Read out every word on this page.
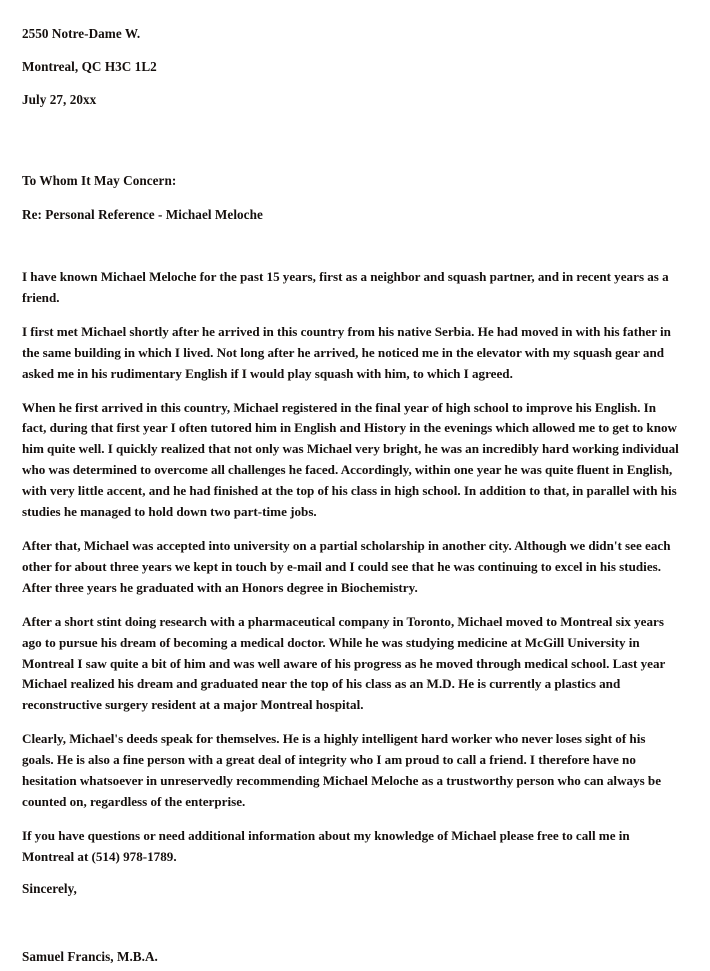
2550 Notre-Dame W.

Montreal, QC H3C 1L2

July 27, 20xx

To Whom It May Concern:

Re: Personal Reference - Michael Meloche

I have known Michael Meloche for the past 15 years, first as a neighbor and squash partner, and in recent years as a friend.

I first met Michael shortly after he arrived in this country from his native Serbia. He had moved in with his father in the same building in which I lived. Not long after he arrived, he noticed me in the elevator with my squash gear and asked me in his rudimentary English if I would play squash with him, to which I agreed.

When he first arrived in this country, Michael registered in the final year of high school to improve his English. In fact, during that first year I often tutored him in English and History in the evenings which allowed me to get to know him quite well. I quickly realized that not only was Michael very bright, he was an incredibly hard working individual who was determined to overcome all challenges he faced. Accordingly, within one year he was quite fluent in English, with very little accent, and he had finished at the top of his class in high school. In addition to that, in parallel with his studies he managed to hold down two part-time jobs.

After that, Michael was accepted into university on a partial scholarship in another city. Although we didn't see each other for about three years we kept in touch by e-mail and I could see that he was continuing to excel in his studies. After three years he graduated with an Honors degree in Biochemistry.

After a short stint doing research with a pharmaceutical company in Toronto, Michael moved to Montreal six years ago to pursue his dream of becoming a medical doctor. While he was studying medicine at McGill University in Montreal I saw quite a bit of him and was well aware of his progress as he moved through medical school. Last year Michael realized his dream and graduated near the top of his class as an M.D. He is currently a plastics and reconstructive surgery resident at a major Montreal hospital.

Clearly, Michael's deeds speak for themselves. He is a highly intelligent hard worker who never loses sight of his goals. He is also a fine person with a great deal of integrity who I am proud to call a friend. I therefore have no hesitation whatsoever in unreservedly recommending Michael Meloche as a trustworthy person who can always be counted on, regardless of the enterprise.

If you have questions or need additional information about my knowledge of Michael please free to call me in Montreal at (514) 978-1789.

Sincerely,

Samuel Francis, M.B.A.
